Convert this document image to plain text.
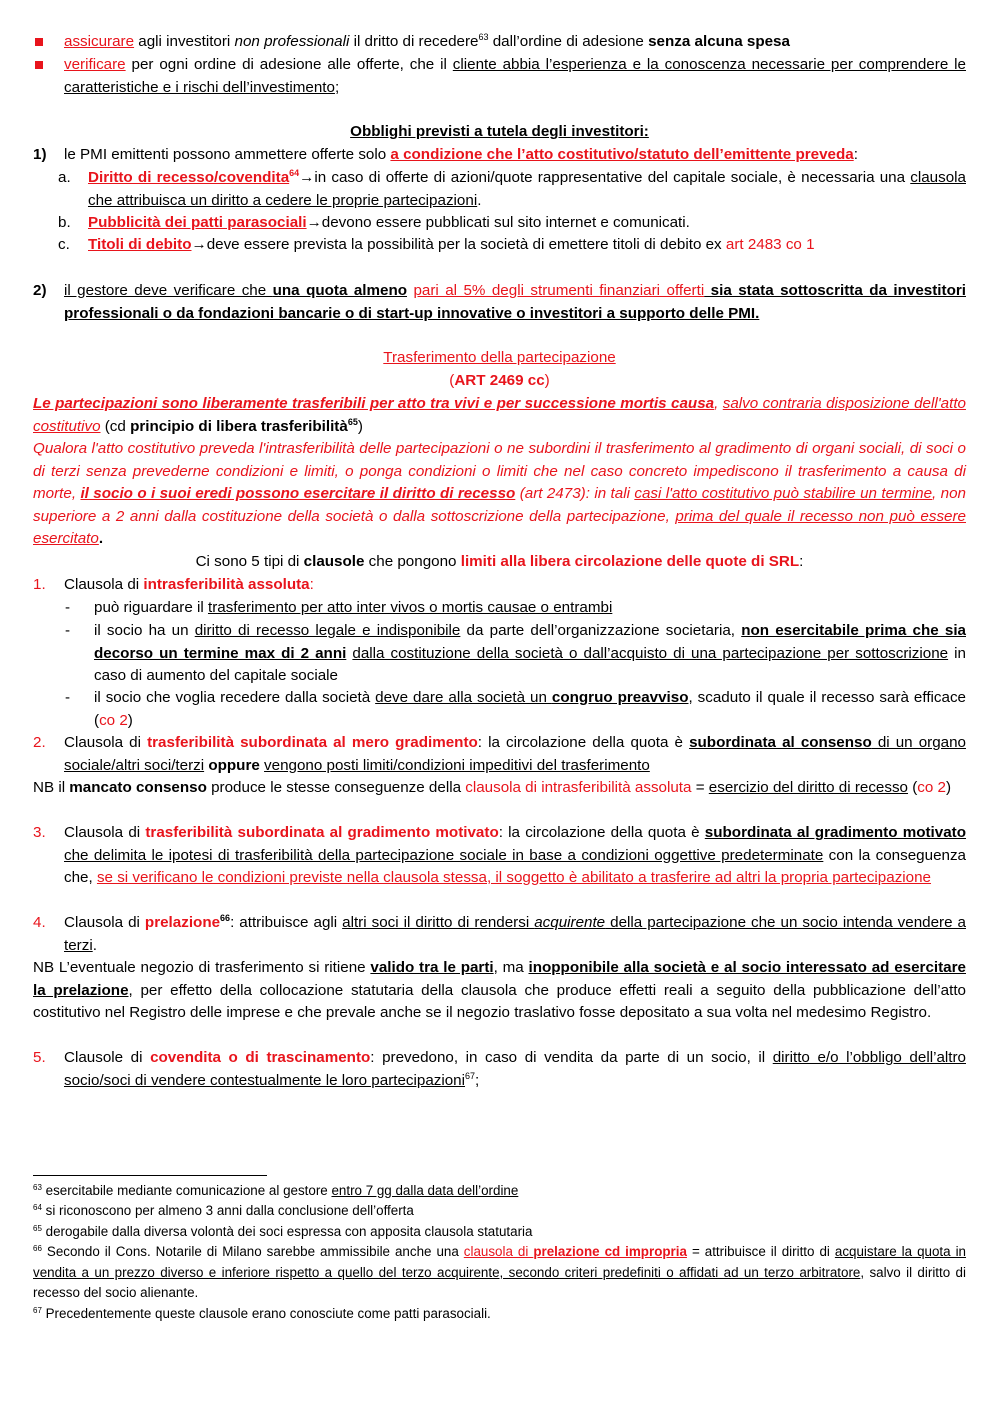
assicurare agli investitori non professionali il dritto di recedere$^{63}$ dall’ordine di adesione senza alcuna spesa
verificare per ogni ordine di adesione alle offerte, che il cliente abbia l’esperienza e la conoscenza necessarie per comprendere le caratteristiche e i rischi dell’investimento;
Obblighi previsti a tutela degli investitori:
1) le PMI emittenti possono ammettere offerte solo a condizione che l’atto costitutivo/statuto dell’emittente preveda:
a. Diritto di recesso/covendita$^{64}$→in caso di offerte di azioni/quote rappresentative del capitale sociale, è necessaria una clausola che attribuisca un diritto a cedere le proprie partecipazioni.
b. Pubblicità dei patti parasociali→devono essere pubblicati sul sito internet e comunicati.
c. Titoli di debito→deve essere prevista la possibilità per la società di emettere titoli di debito ex art 2483 co 1
2) il gestore deve verificare che una quota almeno pari al 5% degli strumenti finanziari offerti sia stata sottoscritta da investitori professionali o da fondazioni bancarie o di start-up innovative o investitori a supporto delle PMI.
Trasferimento della partecipazione
(ART 2469 cc)
Le partecipazioni sono liberamente trasferibili per atto tra vivi e per successione mortis causa, salvo contraria disposizione dell'atto costitutivo (cd principio di libera trasferibilità$^{65}$)
Qualora l'atto costitutivo preveda l'intrasferibilità delle partecipazioni o ne subordini il trasferimento al gradimento di organi sociali, di soci o di terzi senza prevederne condizioni e limiti, o ponga condizioni o limiti che nel caso concreto impediscono il trasferimento a causa di morte, il socio o i suoi eredi possono esercitare il diritto di recesso (art 2473): in tali casi l'atto costitutivo può stabilire un termine, non superiore a 2 anni dalla costituzione della società o dalla sottoscrizione della partecipazione, prima del quale il recesso non può essere esercitato.
Ci sono 5 tipi di clausole che pongono limiti alla libera circolazione delle quote di SRL:
1. Clausola di intrasferibilità assoluta:
- può riguardare il trasferimento per atto inter vivos o mortis causae o entrambi
- il socio ha un diritto di recesso legale e indisponibile da parte dell’organizzazione societaria, non esercitabile prima che sia decorso un termine max di 2 anni dalla costituzione della società o dall’acquisto di una partecipazione per sottoscrizione in caso di aumento del capitale sociale
- il socio che voglia recedere dalla società deve dare alla società un congruo preavviso, scaduto il quale il recesso sarà efficace (co 2)
2. Clausola di trasferibilità subordinata al mero gradimento: la circolazione della quota è subordinata al consenso di un organo sociale/altri soci/terzi oppure vengono posti limiti/condizioni impeditivi del trasferimento
NB il mancato consenso produce le stesse conseguenze della clausola di intrasferibilità assoluta = esercizio del diritto di recesso (co 2)
3. Clausola di trasferibilità subordinata al gradimento motivato: la circolazione della quota è subordinata al gradimento motivato che delimita le ipotesi di trasferibilità della partecipazione sociale in base a condizioni oggettive predeterminate con la conseguenza che, se si verificano le condizioni previste nella clausola stessa, il soggetto è abilitato a trasferire ad altri la propria partecipazione
4. Clausola di prelazione$^{66}$: attribuisce agli altri soci il diritto di rendersi acquirente della partecipazione che un socio intenda vendere a terzi.
NB L’eventuale negozio di trasferimento si ritiene valido tra le parti, ma inopponibile alla società e al socio interessato ad esercitare la prelazione, per effetto della collocazione statutaria della clausola che produce effetti reali a seguito della pubblicazione dell’atto costitutivo nel Registro delle imprese e che prevale anche se il negozio traslativo fosse depositato a sua volta nel medesimo Registro.
5. Clausole di covendita o di trascinamento: prevedono, in caso di vendita da parte di un socio, il diritto e/o l’obbligo dell’altro socio/soci di vendere contestualmente le loro partecipazioni$^{67}$;
$^{63}$ esercitabile mediante comunicazione al gestore entro 7 gg dalla data dell’ordine
$^{64}$ si riconoscono per almeno 3 anni dalla conclusione dell’offerta
$^{65}$ derogabile dalla diversa volontà dei soci espressa con apposita clausola statutaria
$^{66}$ Secondo il Cons. Notarile di Milano sarebbe ammissibile anche una clausola di prelazione cd impropria = attribuisce il diritto di acquistare la quota in vendita a un prezzo diverso e inferiore rispetto a quello del terzo acquirente, secondo criteri predefiniti o affidati ad un terzo arbitratore, salvo il diritto di recesso del socio alienante.
$^{67}$ Precedentemente queste clausole erano conosciute come patti parasociali.
